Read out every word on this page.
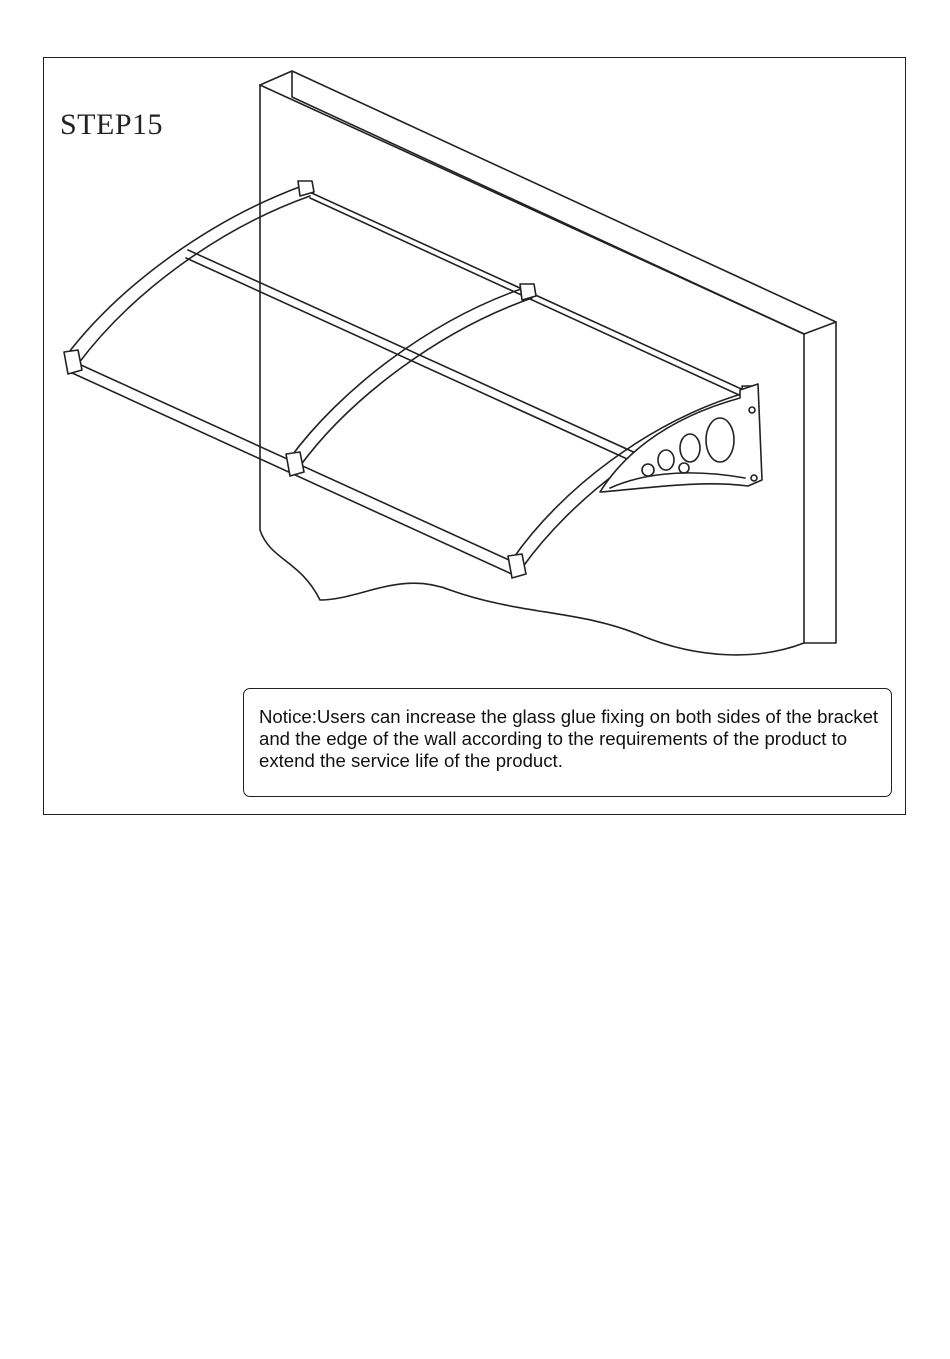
STEP15

Notice:Users can increase the glass glue fixing on both sides of the bracket and the edge of the wall according to the requirements of the product to extend the service life of the product.
